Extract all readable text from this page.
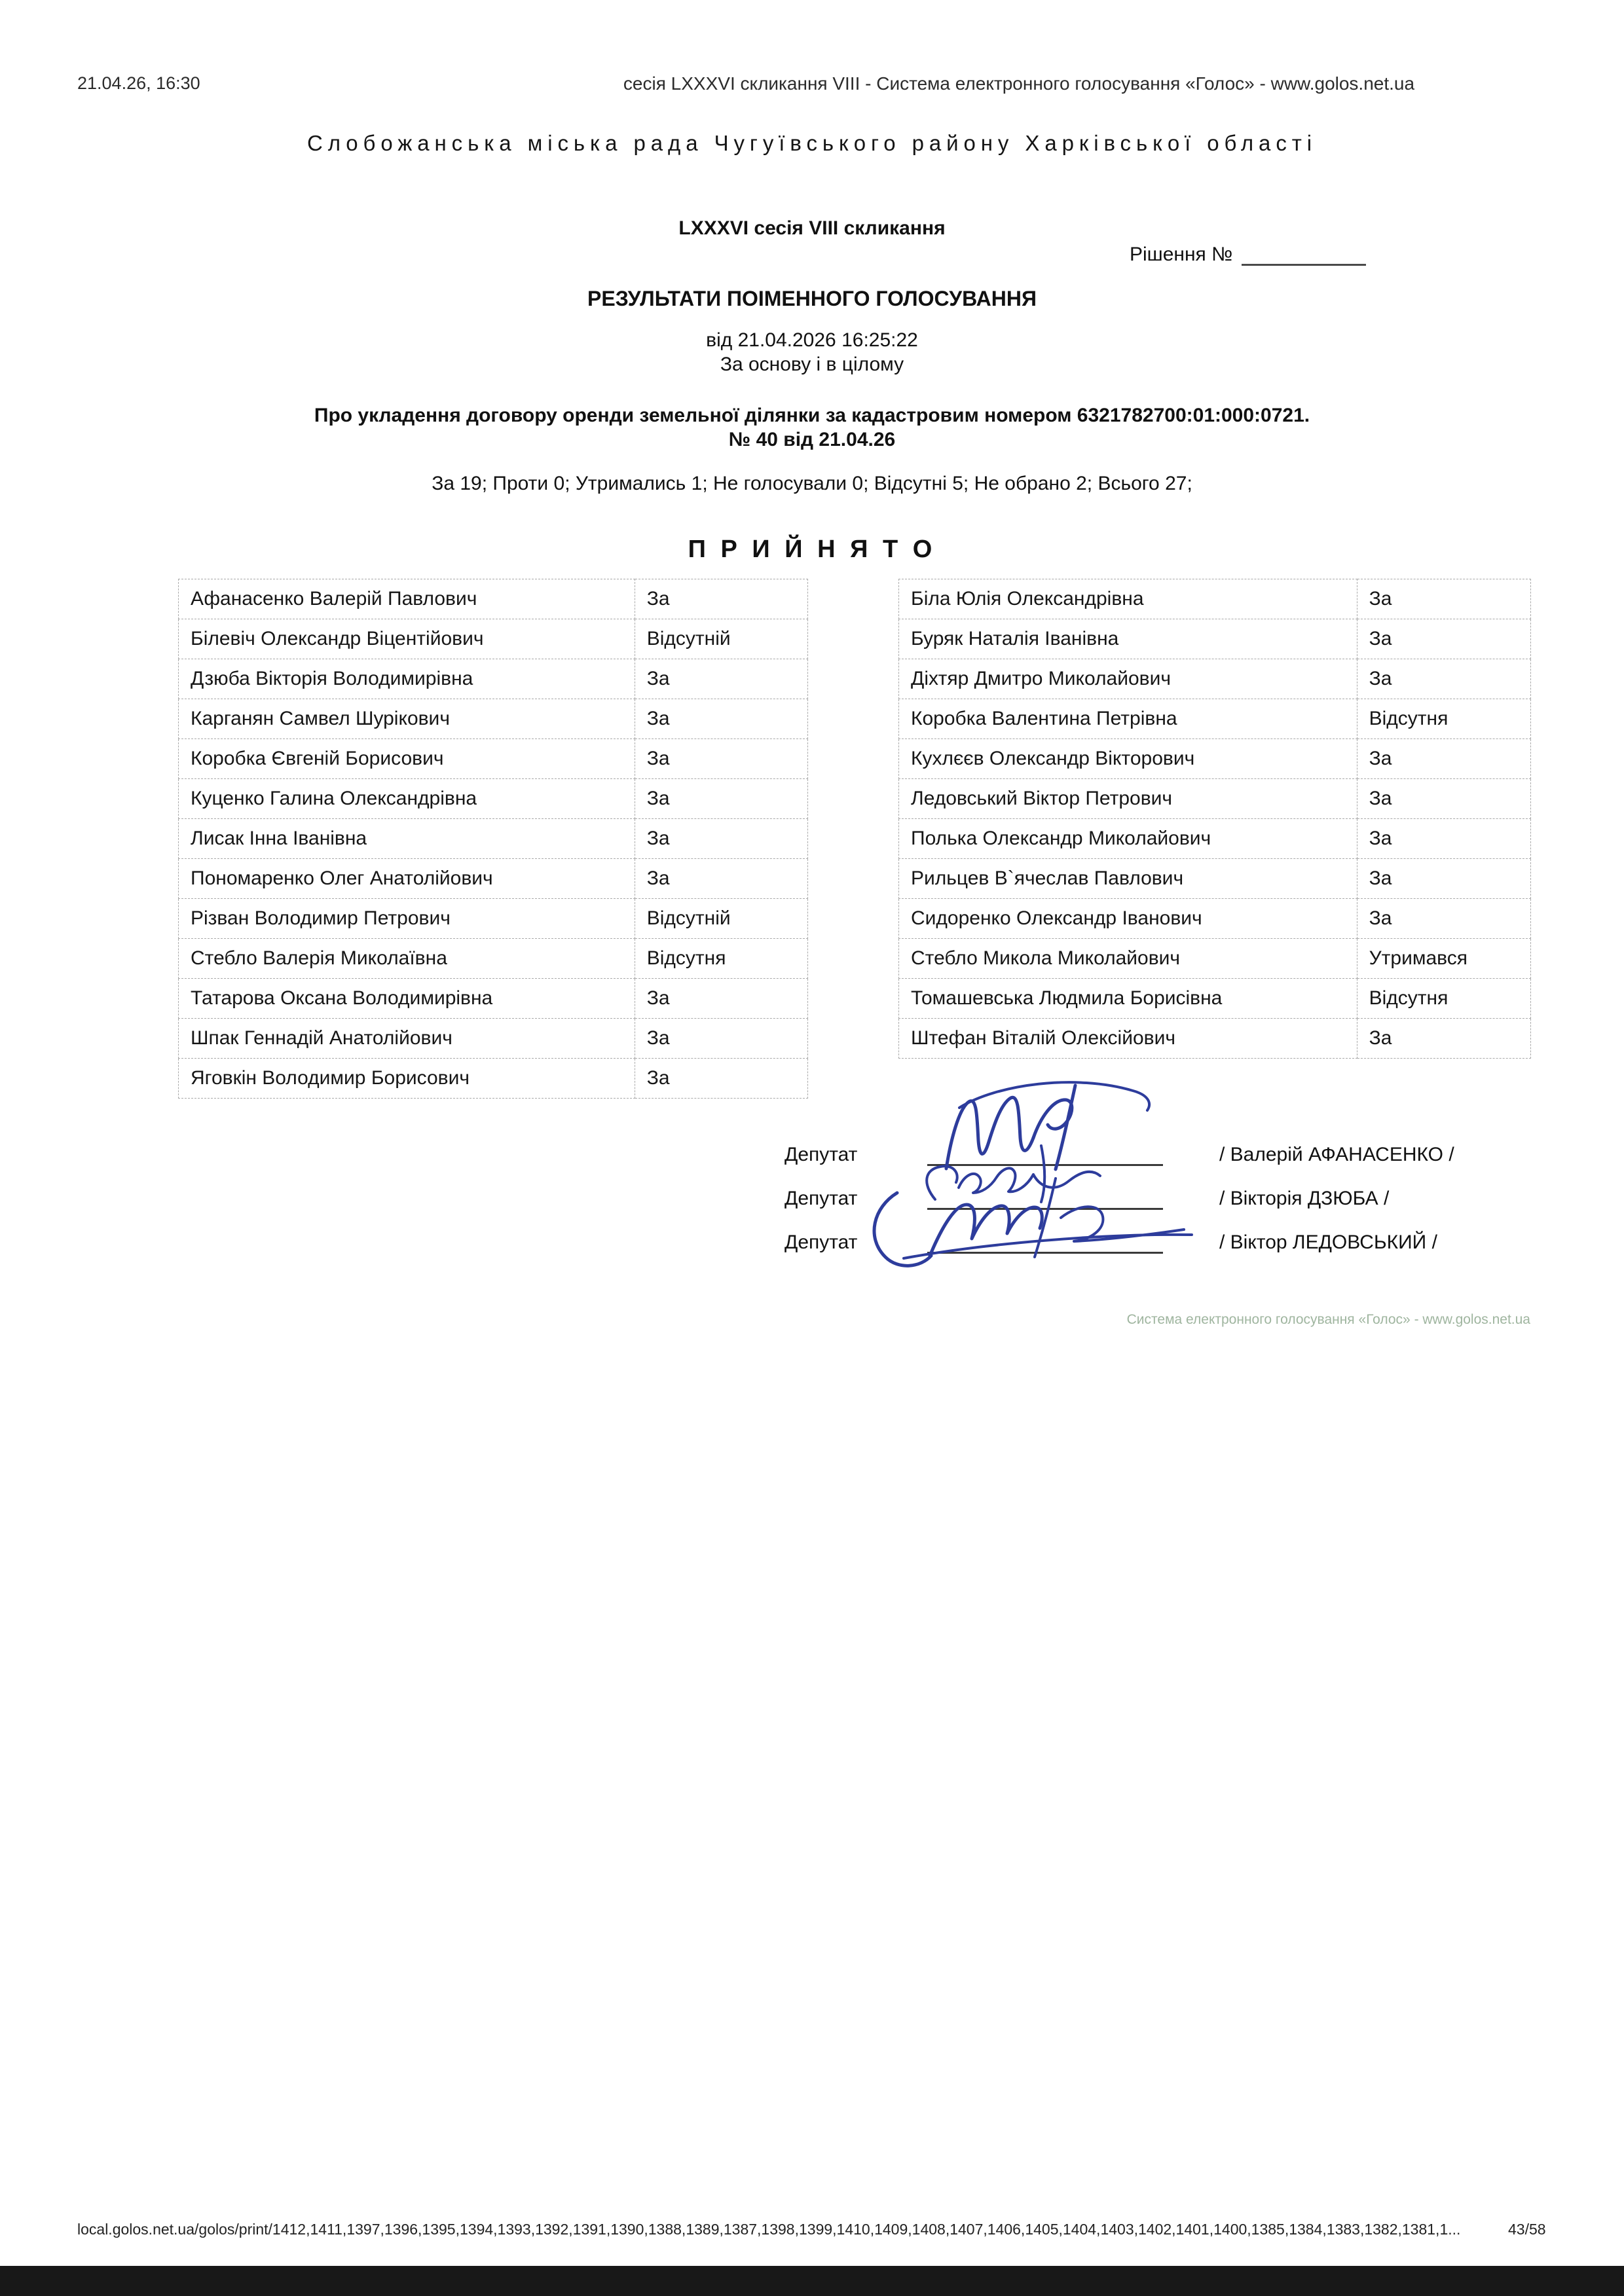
21.04.26, 16:30	сесія LXXXVI скликання VIII - Система електронного голосування «Голос» - www.golos.net.ua
Слобожанська міська рада Чугуївського району Харківської області
LXXXVI сесія VIII скликання
Рішення №
РЕЗУЛЬТАТИ ПОІМЕННОГО ГОЛОСУВАННЯ
від 21.04.2026 16:25:22
За основу і в цілому
Про укладення договору оренди земельної ділянки за кадастровим номером 6321782700:01:000:0721.
№ 40 від 21.04.26
За 19; Проти 0; Утримались 1; Не голосували 0; Відсутні 5; Не обрано 2; Всього 27;
П Р И Й Н Я Т О
Афанасенко Валерій Павлович	За
Білевіч Олександр Віцентійович	Відсутній
Дзюба Вікторія Володимирівна	За
Карганян Самвел Шурікович	За
Коробка Євгеній Борисович	За
Куценко Галина Олександрівна	За
Лисак Інна Іванівна	За
Пономаренко Олег Анатолійович	За
Різван Володимир Петрович	Відсутній
Стебло Валерія Миколаївна	Відсутня
Татарова Оксана Володимирівна	За
Шпак Геннадій Анатолійович	За
Яговкін Володимир Борисович	За
Біла Юлія Олександрівна	За
Буряк Наталія Іванівна	За
Діхтяр Дмитро Миколайович	За
Коробка Валентина Петрівна	Відсутня
Кухлєєв Олександр Вікторович	За
Ледовський Віктор Петрович	За
Полька Олександр Миколайович	За
Рильцев В`ячеслав Павлович	За
Сидоренко Олександр Іванович	За
Стебло Микола Миколайович	Утримався
Томашевська Людмила Борисівна	Відсутня
Штефан Віталій Олексійович	За
Депутат	/ Валерій АФАНАСЕНКО /
Депутат	/ Вікторія ДЗЮБА /
Депутат	/ Віктор ЛЕДОВСЬКИЙ /
Система електронного голосування «Голос» - www.golos.net.ua
local.golos.net.ua/golos/print/1412,1411,1397,1396,1395,1394,1393,1392,1391,1390,1388,1389,1387,1398,1399,1410,1409,1408,1407,1406,1405,1404,1403,1402,1401,1400,1385,1384,1383,1382,1381,1...	43/58
